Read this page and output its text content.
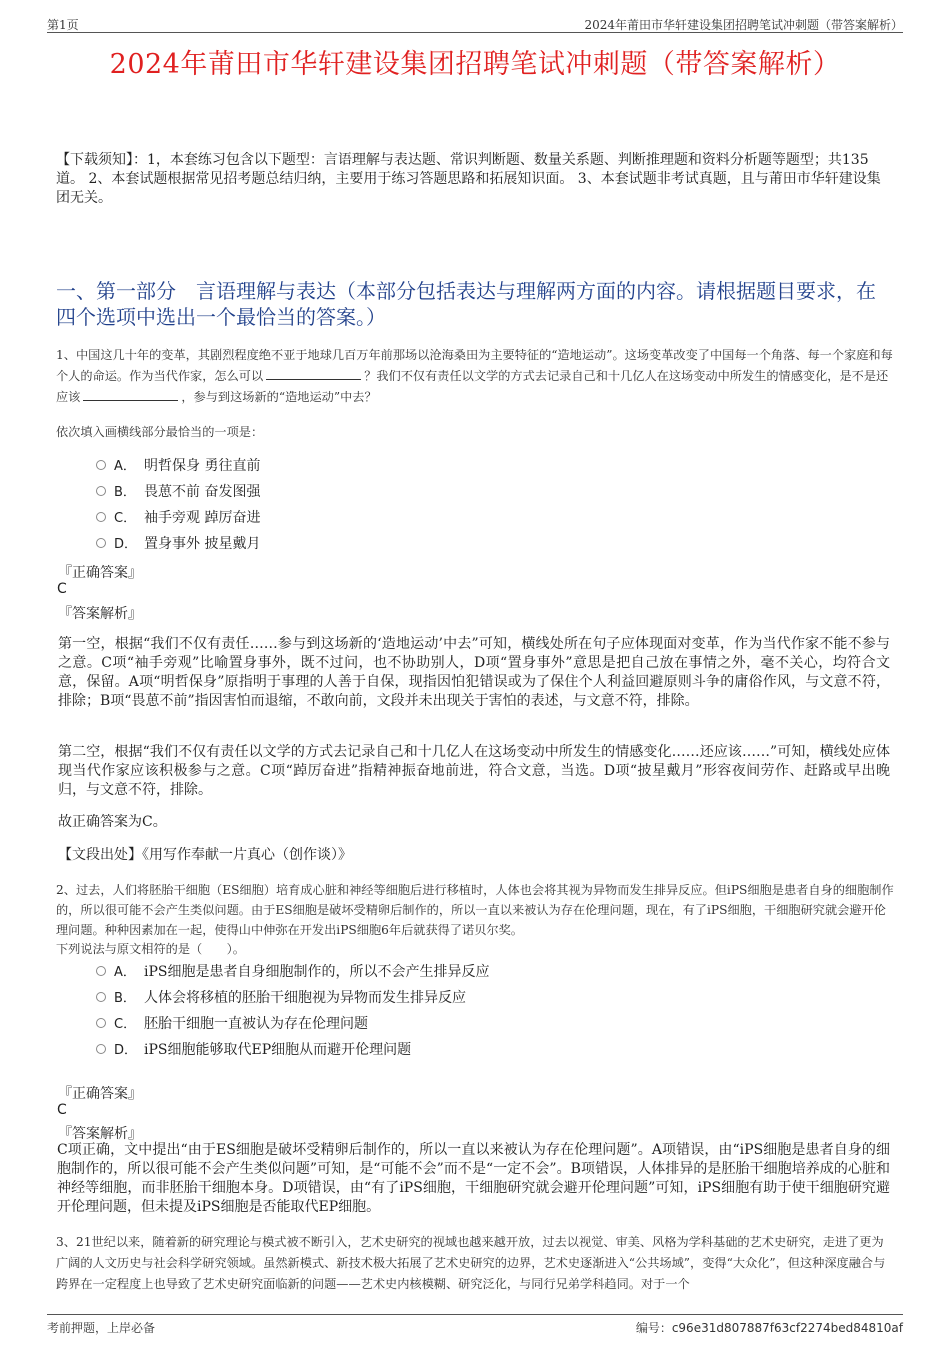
第1页	2024年莆田市华轩建设集团招聘笔试冲刺题（带答案解析）
2024年莆田市华轩建设集团招聘笔试冲刺题（带答案解析）
【下载须知】：1，本套练习包含以下题型：言语理解与表达题、常识判断题、数量关系题、判断推理题和资料分析题等题型；共135道。 2、本套试题根据常见招考题总结归纳，主要用于练习答题思路和拓展知识面。 3、本套试题非考试真题，且与莆田市华轩建设集团无关。
一、第一部分　言语理解与表达（本部分包括表达与理解两方面的内容。请根据题目要求，在四个选项中选出一个最恰当的答案。）
1、中国这几十年的变革，其剧烈程度绝不亚于地球几百万年前那场以沧海桑田为主要特征的“造地运动”。这场变革改变了中国每一个角落、每一个家庭和每个人的命运。作为当代作家，怎么可以	？我们不仅有责任以文学的方式去记录自己和十几亿人在这场变动中所发生的情感变化，是不是还应该	，参与到这场新的“造地运动”中去？
依次填入画横线部分最恰当的一项是：
A． 明哲保身 勇往直前
B． 畏葸不前 奋发图强
C． 袖手旁观 踔厉奋进
D． 置身事外 披星戴月
『正确答案』
C
『答案解析』
第一空，根据“我们不仅有责任……参与到这场新的‘造地运动’中去”可知，横线处所在句子应体现面对变革，作为当代作家不能不参与之意。C项“袖手旁观”比喻置身事外，既不过问，也不协助别人，D项“置身事外”意思是把自己放在事情之外，毫不关心，均符合文意，保留。A项“明哲保身”原指明于事理的人善于自保，现指因怕犯错误或为了保住个人利益回避原则斗争的庸俗作风，与文意不符，排除；B项“畏葸不前”指因害怕而退缩，不敢向前，文段并未出现关于害怕的表述，与文意不符，排除。
第二空，根据“我们不仅有责任以文学的方式去记录自己和十几亿人在这场变动中所发生的情感变化……还应该……”可知，横线处应体现当代作家应该积极参与之意。C项“踔厉奋进”指精神振奋地前进，符合文意，当选。D项“披星戴月”形容夜间劳作、赶路或早出晚归，与文意不符，排除。
故正确答案为C。
【文段出处】《用写作奉献一片真心（创作谈）》
2、过去，人们将胚胎干细胞（ES细胞）培育成心脏和神经等细胞后进行移植时，人体也会将其视为异物而发生排异反应。但iPS细胞是患者自身的细胞制作的，所以很可能不会产生类似问题。由于ES细胞是破坏受精卵后制作的，所以一直以来被认为存在伦理问题，现在，有了iPS细胞，干细胞研究就会避开伦理问题。种种因素加在一起，使得山中伸弥在开发出iPS细胞6年后就获得了诺贝尔奖。
下列说法与原文相符的是（　　）。
A． iPS细胞是患者自身细胞制作的，所以不会产生排异反应
B． 人体会将移植的胚胎干细胞视为异物而发生排异反应
C． 胚胎干细胞一直被认为存在伦理问题
D． iPS细胞能够取代EP细胞从而避开伦理问题
『正确答案』
C
『答案解析』
C项正确，文中提出“由于ES细胞是破坏受精卵后制作的，所以一直以来被认为存在伦理问题”。A项错误，由“iPS细胞是患者自身的细胞制作的，所以很可能不会产生类似问题”可知，是“可能不会”而不是“一定不会”。B项错误，人体排异的是胚胎干细胞培养成的心脏和神经等细胞，而非胚胎干细胞本身。D项错误，由“有了iPS细胞，干细胞研究就会避开伦理问题”可知，iPS细胞有助于使干细胞研究避开伦理问题，但未提及iPS细胞是否能取代EP细胞。
3、21世纪以来，随着新的研究理论与模式被不断引入，艺术史研究的视域也越来越开放，过去以视觉、审美、风格为学科基础的艺术史研究，走进了更为广阔的人文历史与社会科学研究领域。虽然新模式、新技术极大拓展了艺术史研究的边界，艺术史逐渐进入“公共场域”，变得“大众化”，但这种深度融合与跨界在一定程度上也导致了艺术史研究面临新的问题——艺术史内核模糊、研究泛化，与同行兄弟学科趋同。对于一个
考前押题，上岸必备	编号：c96e31d807887f63cf2274bed84810af
